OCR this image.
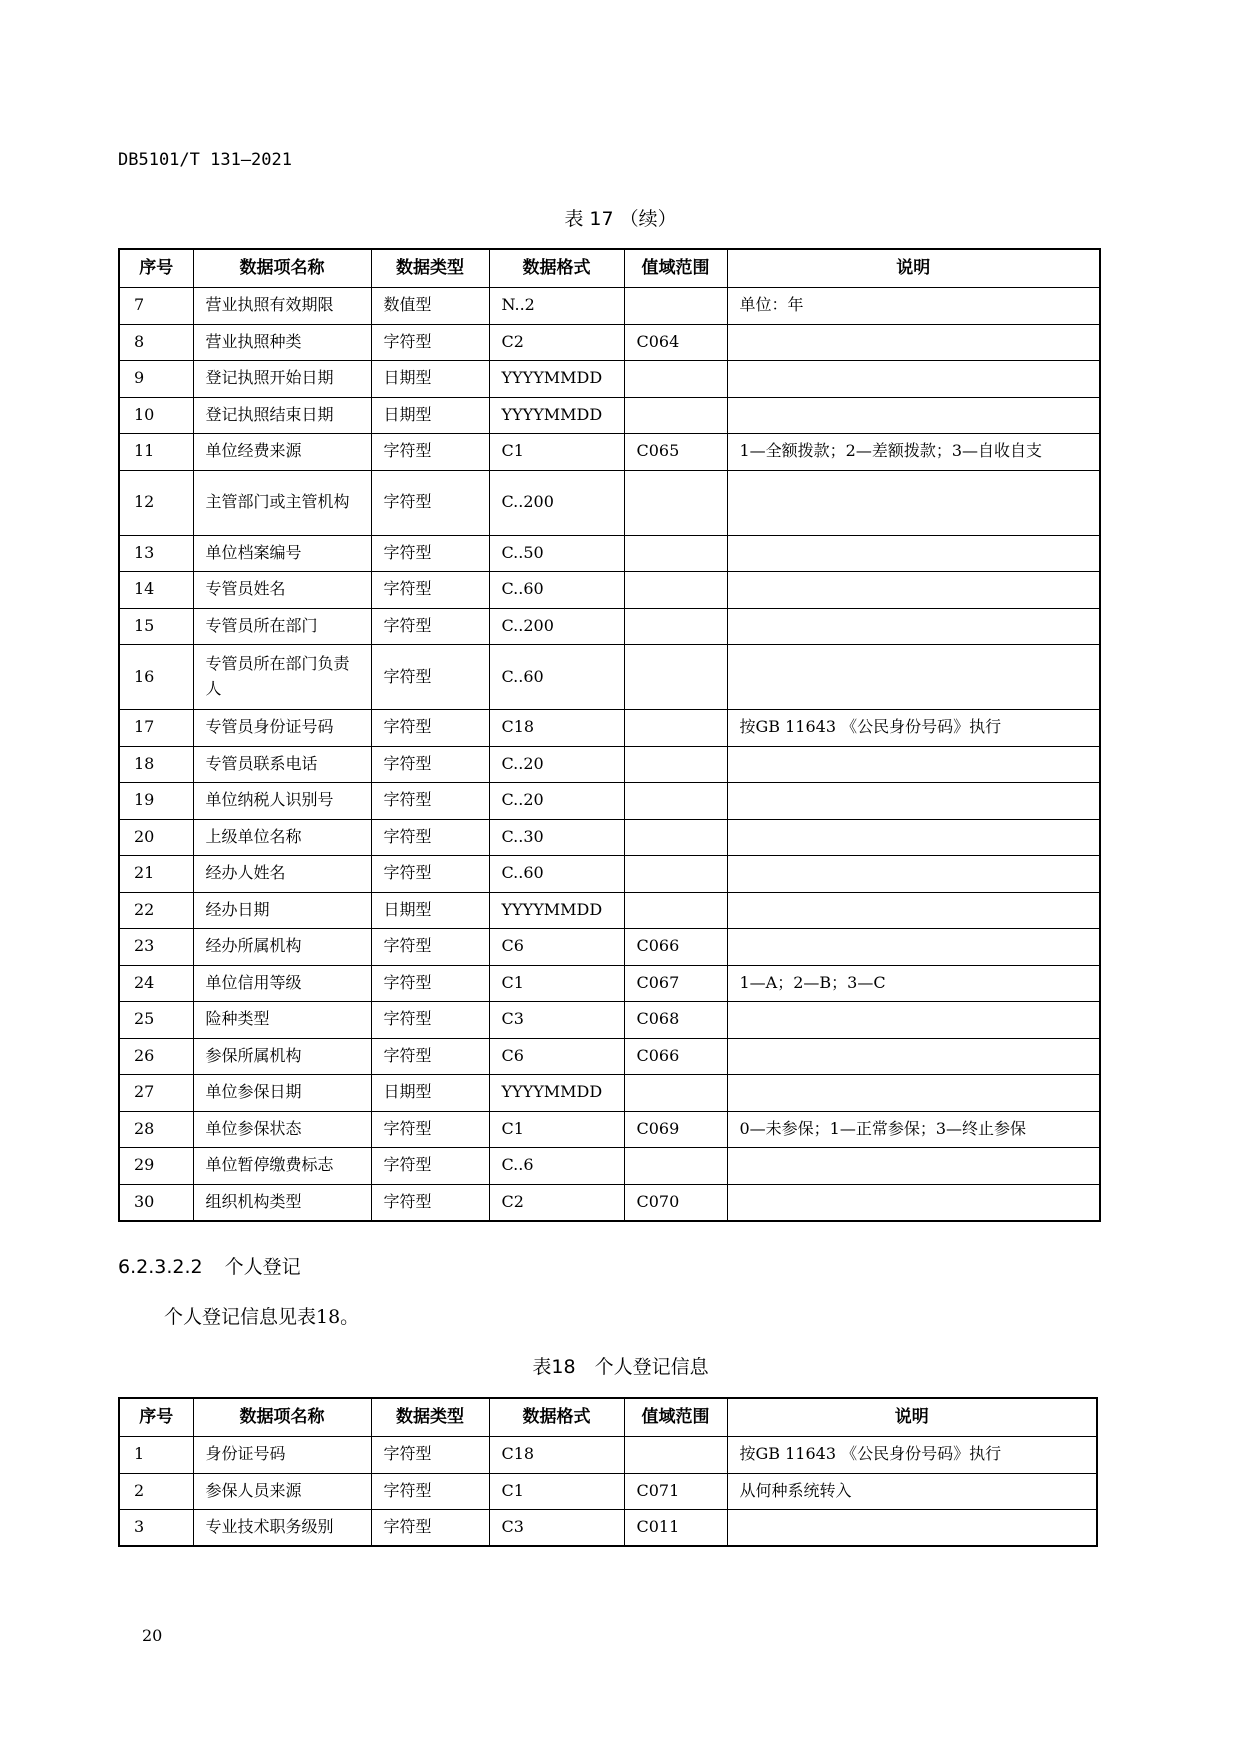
DB5101/T 131—2021
表 17 （续）
序号	数据项名称	数据类型	数据格式	值域范围	说明
7	营业执照有效期限	数值型	N..2		单位：年
8	营业执照种类	字符型	C2	C064	
9	登记执照开始日期	日期型	YYYYMMDD		
10	登记执照结束日期	日期型	YYYYMMDD		
11	单位经费来源	字符型	C1	C065	1—全额拨款；2—差额拨款；3—自收自支
12	主管部门或主管机构	字符型	C..200		
13	单位档案编号	字符型	C..50		
14	专管员姓名	字符型	C..60		
15	专管员所在部门	字符型	C..200		
16	专管员所在部门负责人	字符型	C..60		
17	专管员身份证号码	字符型	C18		按GB 11643 《公民身份号码》执行
18	专管员联系电话	字符型	C..20		
19	单位纳税人识别号	字符型	C..20		
20	上级单位名称	字符型	C..30		
21	经办人姓名	字符型	C..60		
22	经办日期	日期型	YYYYMMDD		
23	经办所属机构	字符型	C6	C066	
24	单位信用等级	字符型	C1	C067	1—A；2—B；3—C
25	险种类型	字符型	C3	C068	
26	参保所属机构	字符型	C6	C066	
27	单位参保日期	日期型	YYYYMMDD		
28	单位参保状态	字符型	C1	C069	0—未参保；1—正常参保；3—终止参保
29	单位暂停缴费标志	字符型	C..6		
30	组织机构类型	字符型	C2	C070	
6.2.3.2.2 个人登记
个人登记信息见表18。
表18　个人登记信息
序号	数据项名称	数据类型	数据格式	值域范围	说明
1	身份证号码	字符型	C18		按GB 11643 《公民身份号码》执行
2	参保人员来源	字符型	C1	C071	从何种系统转入
3	专业技术职务级别	字符型	C3	C011	
20
